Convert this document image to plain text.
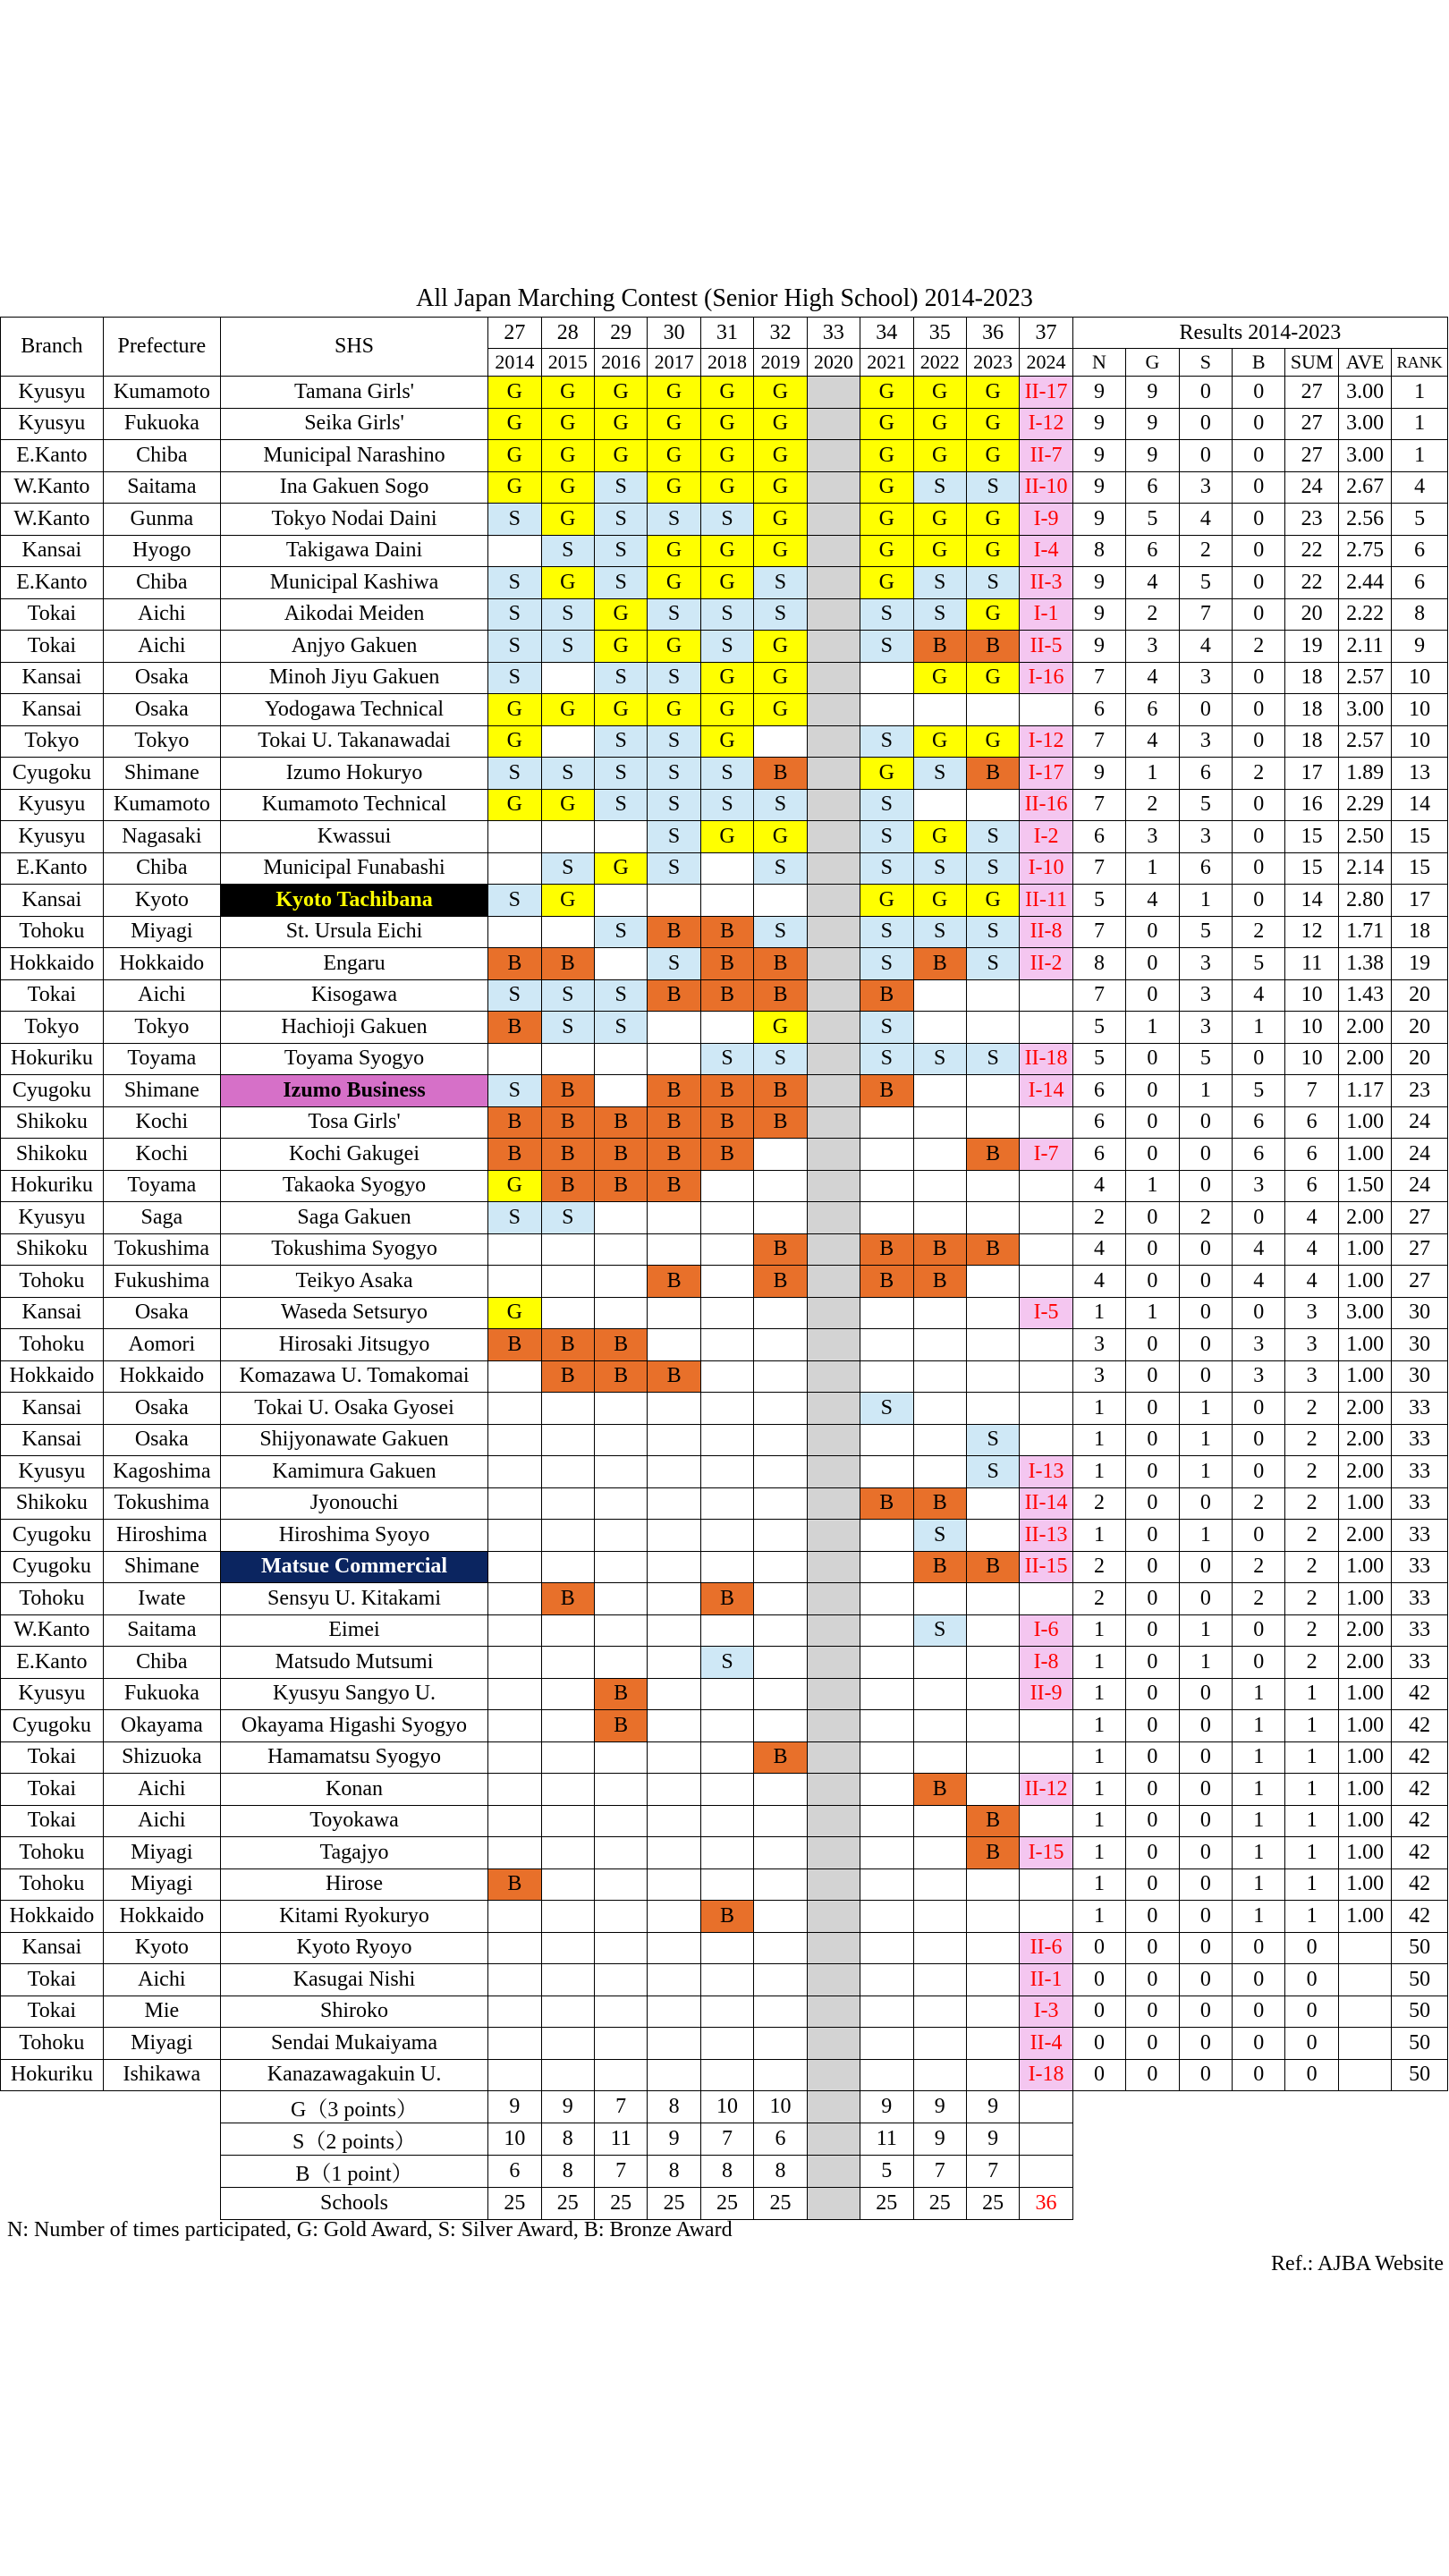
All Japan Marching Contest (Senior High School) 2014-2023
Branch	Prefecture	SHS	27	28	29	30	31	32	33	34	35	36	37	Results 2014-2023						
			2014	2015	2016	2017	2018	2019	2020	2021	2022	2023	2024	N	G	S	B	SUM	AVE	RANK
Kyusyu	Kumamoto	Tamana Girls'	G	G	G	G	G	G		G	G	G	II-17	9	9	0	0	27	3.00	1
Kyusyu	Fukuoka	Seika Girls'	G	G	G	G	G	G		G	G	G	I-12	9	9	0	0	27	3.00	1
E.Kanto	Chiba	Municipal Narashino	G	G	G	G	G	G		G	G	G	II-7	9	9	0	0	27	3.00	1
W.Kanto	Saitama	Ina Gakuen Sogo	G	G	S	G	G	G		G	S	S	II-10	9	6	3	0	24	2.67	4
W.Kanto	Gunma	Tokyo Nodai Daini	S	G	S	S	S	G		G	G	G	I-9	9	5	4	0	23	2.56	5
Kansai	Hyogo	Takigawa Daini		S	S	G	G	G		G	G	G	I-4	8	6	2	0	22	2.75	6
E.Kanto	Chiba	Municipal Kashiwa	S	G	S	G	G	S		G	S	S	II-3	9	4	5	0	22	2.44	6
Tokai	Aichi	Aikodai Meiden	S	S	G	S	S	S		S	S	G	I-1	9	2	7	0	20	2.22	8
Tokai	Aichi	Anjyo Gakuen	S	S	G	G	S	G		S	B	B	II-5	9	3	4	2	19	2.11	9
Kansai	Osaka	Minoh Jiyu Gakuen	S		S	S	G	G			G	G	I-16	7	4	3	0	18	2.57	10
Kansai	Osaka	Yodogawa Technical	G	G	G	G	G	G						6	6	0	0	18	3.00	10
Tokyo	Tokyo	Tokai U. Takanawadai	G		S	S	G			S	G	G	I-12	7	4	3	0	18	2.57	10
Cyugoku	Shimane	Izumo Hokuryo	S	S	S	S	S	B		G	S	B	I-17	9	1	6	2	17	1.89	13
Kyusyu	Kumamoto	Kumamoto Technical	G	G	S	S	S	S		S			II-16	7	2	5	0	16	2.29	14
Kyusyu	Nagasaki	Kwassui				S	G	G		S	G	S	I-2	6	3	3	0	15	2.50	15
E.Kanto	Chiba	Municipal Funabashi		S	G	S		S		S	S	S	I-10	7	1	6	0	15	2.14	15
Kansai	Kyoto	Kyoto Tachibana	S	G						G	G	G	II-11	5	4	1	0	14	2.80	17
Tohoku	Miyagi	St. Ursula Eichi			S	B	B	S		S	S	S	II-8	7	0	5	2	12	1.71	18
Hokkaido	Hokkaido	Engaru	B	B		S	B	B		S	B	S	II-2	8	0	3	5	11	1.38	19
Tokai	Aichi	Kisogawa	S	S	S	B	B	B		B				7	0	3	4	10	1.43	20
Tokyo	Tokyo	Hachioji Gakuen	B	S	S			G		S				5	1	3	1	10	2.00	20
Hokuriku	Toyama	Toyama Syogyo					S	S		S	S	S	II-18	5	0	5	0	10	2.00	20
Cyugoku	Shimane	Izumo Business	S	B		B	B	B		B			I-14	6	0	1	5	7	1.17	23
Shikoku	Kochi	Tosa Girls'	B	B	B	B	B	B						6	0	0	6	6	1.00	24
Shikoku	Kochi	Kochi Gakugei	B	B	B	B	B					B	I-7	6	0	0	6	6	1.00	24
Hokuriku	Toyama	Takaoka Syogyo	G	B	B	B								4	1	0	3	6	1.50	24
Kyusyu	Saga	Saga Gakuen	S	S										2	0	2	0	4	2.00	27
Shikoku	Tokushima	Tokushima Syogyo						B		B	B	B		4	0	0	4	4	1.00	27
Tohoku	Fukushima	Teikyo Asaka				B		B		B	B			4	0	0	4	4	1.00	27
Kansai	Osaka	Waseda Setsuryo	G										I-5	1	1	0	0	3	3.00	30
Tohoku	Aomori	Hirosaki Jitsugyo	B	B	B									3	0	0	3	3	1.00	30
Hokkaido	Hokkaido	Komazawa U. Tomakomai		B	B	B								3	0	0	3	3	1.00	30
Kansai	Osaka	Tokai U. Osaka Gyosei								S				1	0	1	0	2	2.00	33
Kansai	Osaka	Shijyonawate Gakuen										S		1	0	1	0	2	2.00	33
Kyusyu	Kagoshima	Kamimura Gakuen										S	I-13	1	0	1	0	2	2.00	33
Shikoku	Tokushima	Jyonouchi								B	B		II-14	2	0	0	2	2	1.00	33
Cyugoku	Hiroshima	Hiroshima Syoyo									S		II-13	1	0	1	0	2	2.00	33
Cyugoku	Shimane	Matsue Commercial									B	B	II-15	2	0	0	2	2	1.00	33
Tohoku	Iwate	Sensyu U. Kitakami		B			B							2	0	0	2	2	1.00	33
W.Kanto	Saitama	Eimei									S		I-6	1	0	1	0	2	2.00	33
E.Kanto	Chiba	Matsudo Mutsumi					S						I-8	1	0	1	0	2	2.00	33
Kyusyu	Fukuoka	Kyusyu Sangyo U.			B								II-9	1	0	0	1	1	1.00	42
Cyugoku	Okayama	Okayama Higashi Syogyo			B									1	0	0	1	1	1.00	42
Tokai	Shizuoka	Hamamatsu Syogyo						B						1	0	0	1	1	1.00	42
Tokai	Aichi	Konan									B		II-12	1	0	0	1	1	1.00	42
Tokai	Aichi	Toyokawa										B		1	0	0	1	1	1.00	42
Tohoku	Miyagi	Tagajyo										B	I-15	1	0	0	1	1	1.00	42
Tohoku	Miyagi	Hirose	B											1	0	0	1	1	1.00	42
Hokkaido	Hokkaido	Kitami Ryokuryo					B							1	0	0	1	1	1.00	42
Kansai	Kyoto	Kyoto Ryoyo											II-6	0	0	0	0	0		50
Tokai	Aichi	Kasugai Nishi											II-1	0	0	0	0	0		50
Tokai	Mie	Shiroko											I-3	0	0	0	0	0		50
Tohoku	Miyagi	Sendai Mukaiyama											II-4	0	0	0	0	0		50
Hokuriku	Ishikawa	Kanazawagakuin U.											I-18	0	0	0	0	0		50
		G（3 points）	9	9	7	8	10	10		9	9	9								
		S（2 points）	10	8	11	9	7	6		11	9	9								
		B（1 point）	6	8	7	8	8	8		5	7	7								
		Schools	25	25	25	25	25	25		25	25	25	36							
N: Number of times participated, G: Gold Award, S: Silver Award, B: Bronze Award
Ref.: AJBA Website
